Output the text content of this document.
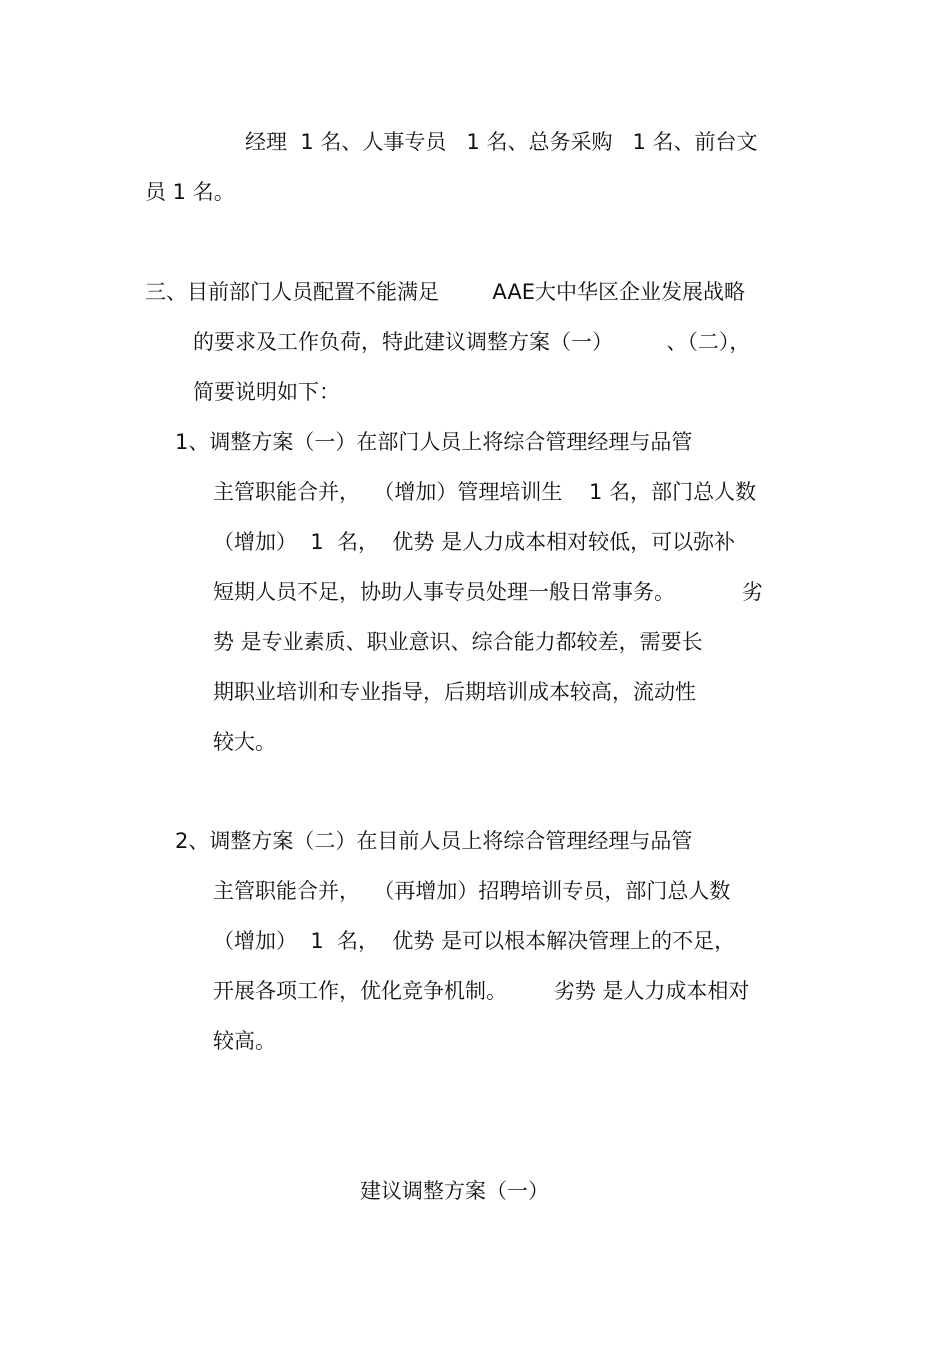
经理  1 名、人事专员   1 名、总务采购   1 名、前台文

员 1 名。

三、目前部门人员配置不能满足        AAE大中华区企业发展战略

的要求及工作负荷，特此建议调整方案（一）        、（二），

简要说明如下：

1、调整方案（一）在部门人员上将综合管理经理与品管

主管职能合并，  （增加）管理培训生    1 名，部门总人数

（增加）  1  名，  优势 是人力成本相对较低，可以弥补

短期人员不足，协助人事专员处理一般日常事务。          劣

势 是专业素质、职业意识、综合能力都较差，需要长

期职业培训和专业指导，后期培训成本较高，流动性

较大。

2、调整方案（二）在目前人员上将综合管理经理与品管

主管职能合并，  （再增加）招聘培训专员，部门总人数

（增加）  1  名，  优势 是可以根本解决管理上的不足，

开展各项工作，优化竞争机制。       劣势 是人力成本相对

较高。

建议调整方案（一）
